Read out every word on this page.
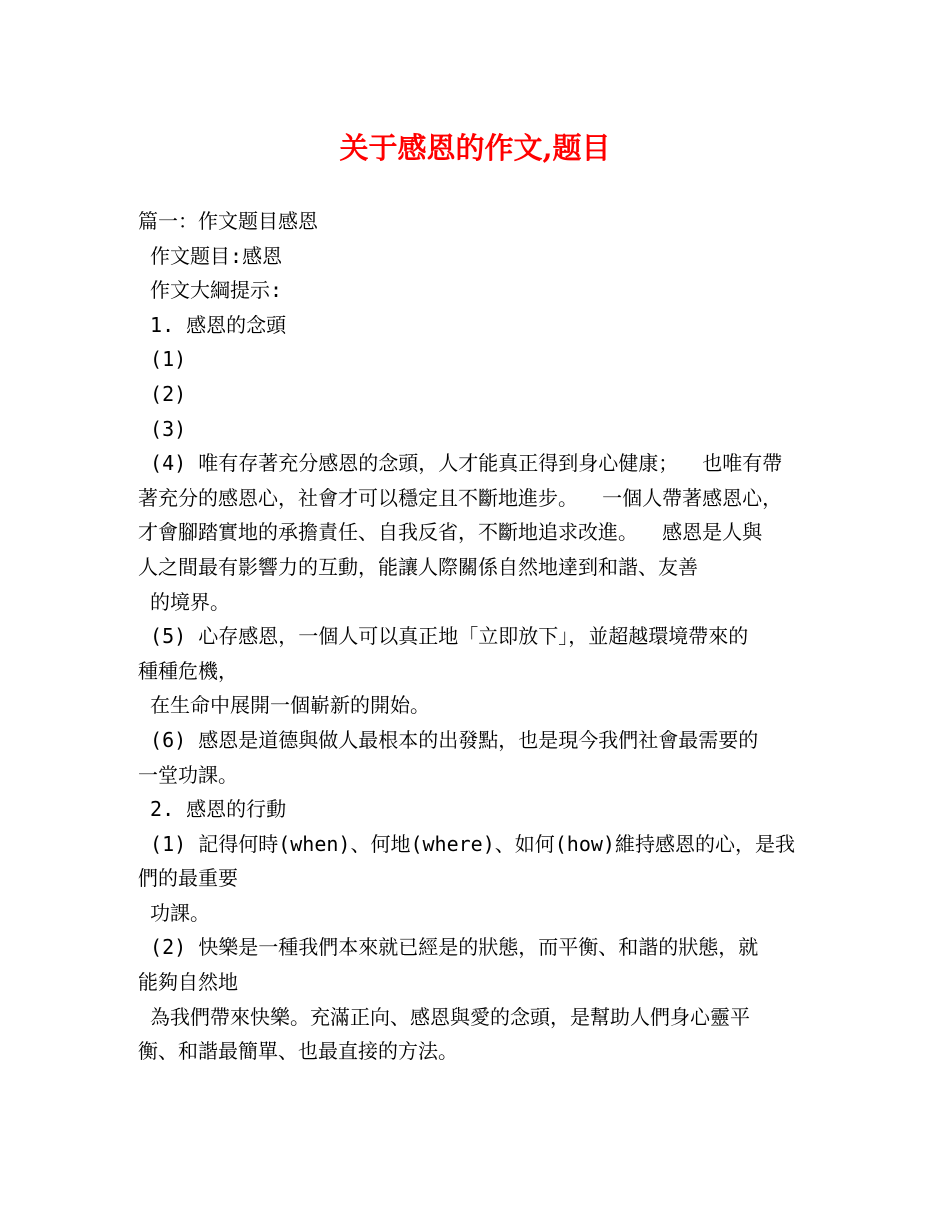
关于感恩的作文,题目
篇一：作文题目感恩
作文题目:感恩
作文大綱提示:
1. 感恩的念頭
(1)
(2)
(3)
(4) 唯有存著充分感恩的念頭，人才能真正得到身心健康；  也唯有帶
著充分的感恩心，社會才可以穩定且不斷地進步。  一個人帶著感恩心，
才會腳踏實地的承擔責任、自我反省，不斷地追求改進。  感恩是人與
人之間最有影響力的互動，能讓人際關係自然地達到和諧、友善
的境界。
(5) 心存感恩，一個人可以真正地「立即放下」，並超越環境帶來的
種種危機，
在生命中展開一個嶄新的開始。
(6) 感恩是道德與做人最根本的出發點，也是現今我們社會最需要的
一堂功課。
2. 感恩的行動
(1) 記得何時(when)、何地(where)、如何(how)維持感恩的心，是我
們的最重要
功課。
(2) 快樂是一種我們本來就已經是的狀態，而平衡、和諧的狀態，就
能夠自然地
為我們帶來快樂。充滿正向、感恩與愛的念頭，是幫助人們身心靈平
衡、和諧最簡單、也最直接的方法。
